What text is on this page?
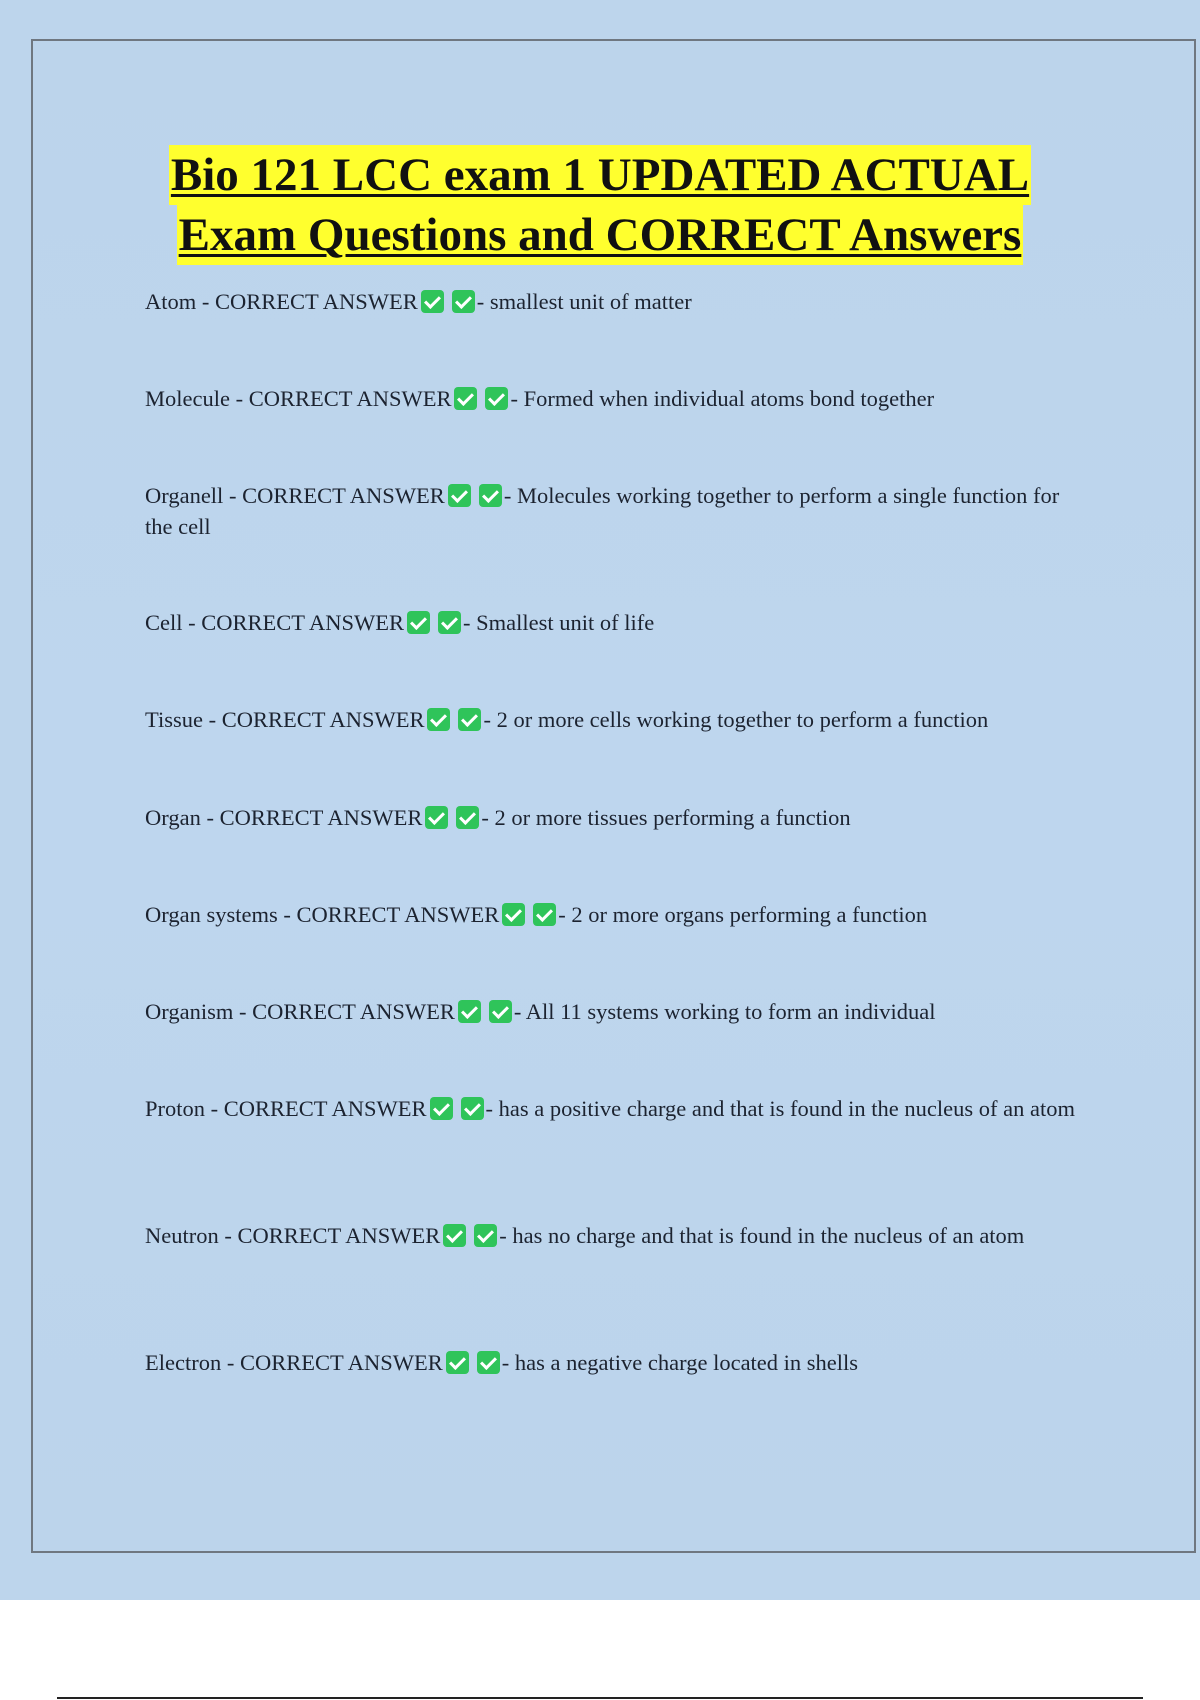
Bio 121 LCC exam 1 UPDATED ACTUAL
Exam Questions and CORRECT Answers
Atom - CORRECT ANSWER	- smallest unit of matter
Molecule - CORRECT ANSWER	- Formed when individual atoms bond together
Organell - CORRECT ANSWER	- Molecules working together to perform a single function for the cell
Cell - CORRECT ANSWER	- Smallest unit of life
Tissue - CORRECT ANSWER	- 2 or more cells working together to perform a function
Organ - CORRECT ANSWER	- 2 or more tissues performing a function
Organ systems - CORRECT ANSWER	- 2 or more organs performing a function
Organism - CORRECT ANSWER	- All 11 systems working to form an individual
Proton - CORRECT ANSWER	- has a positive charge and that is found in the nucleus of an atom
Neutron - CORRECT ANSWER	- has no charge and that is found in the nucleus of an atom
Electron - CORRECT ANSWER	- has a negative charge located in shells
